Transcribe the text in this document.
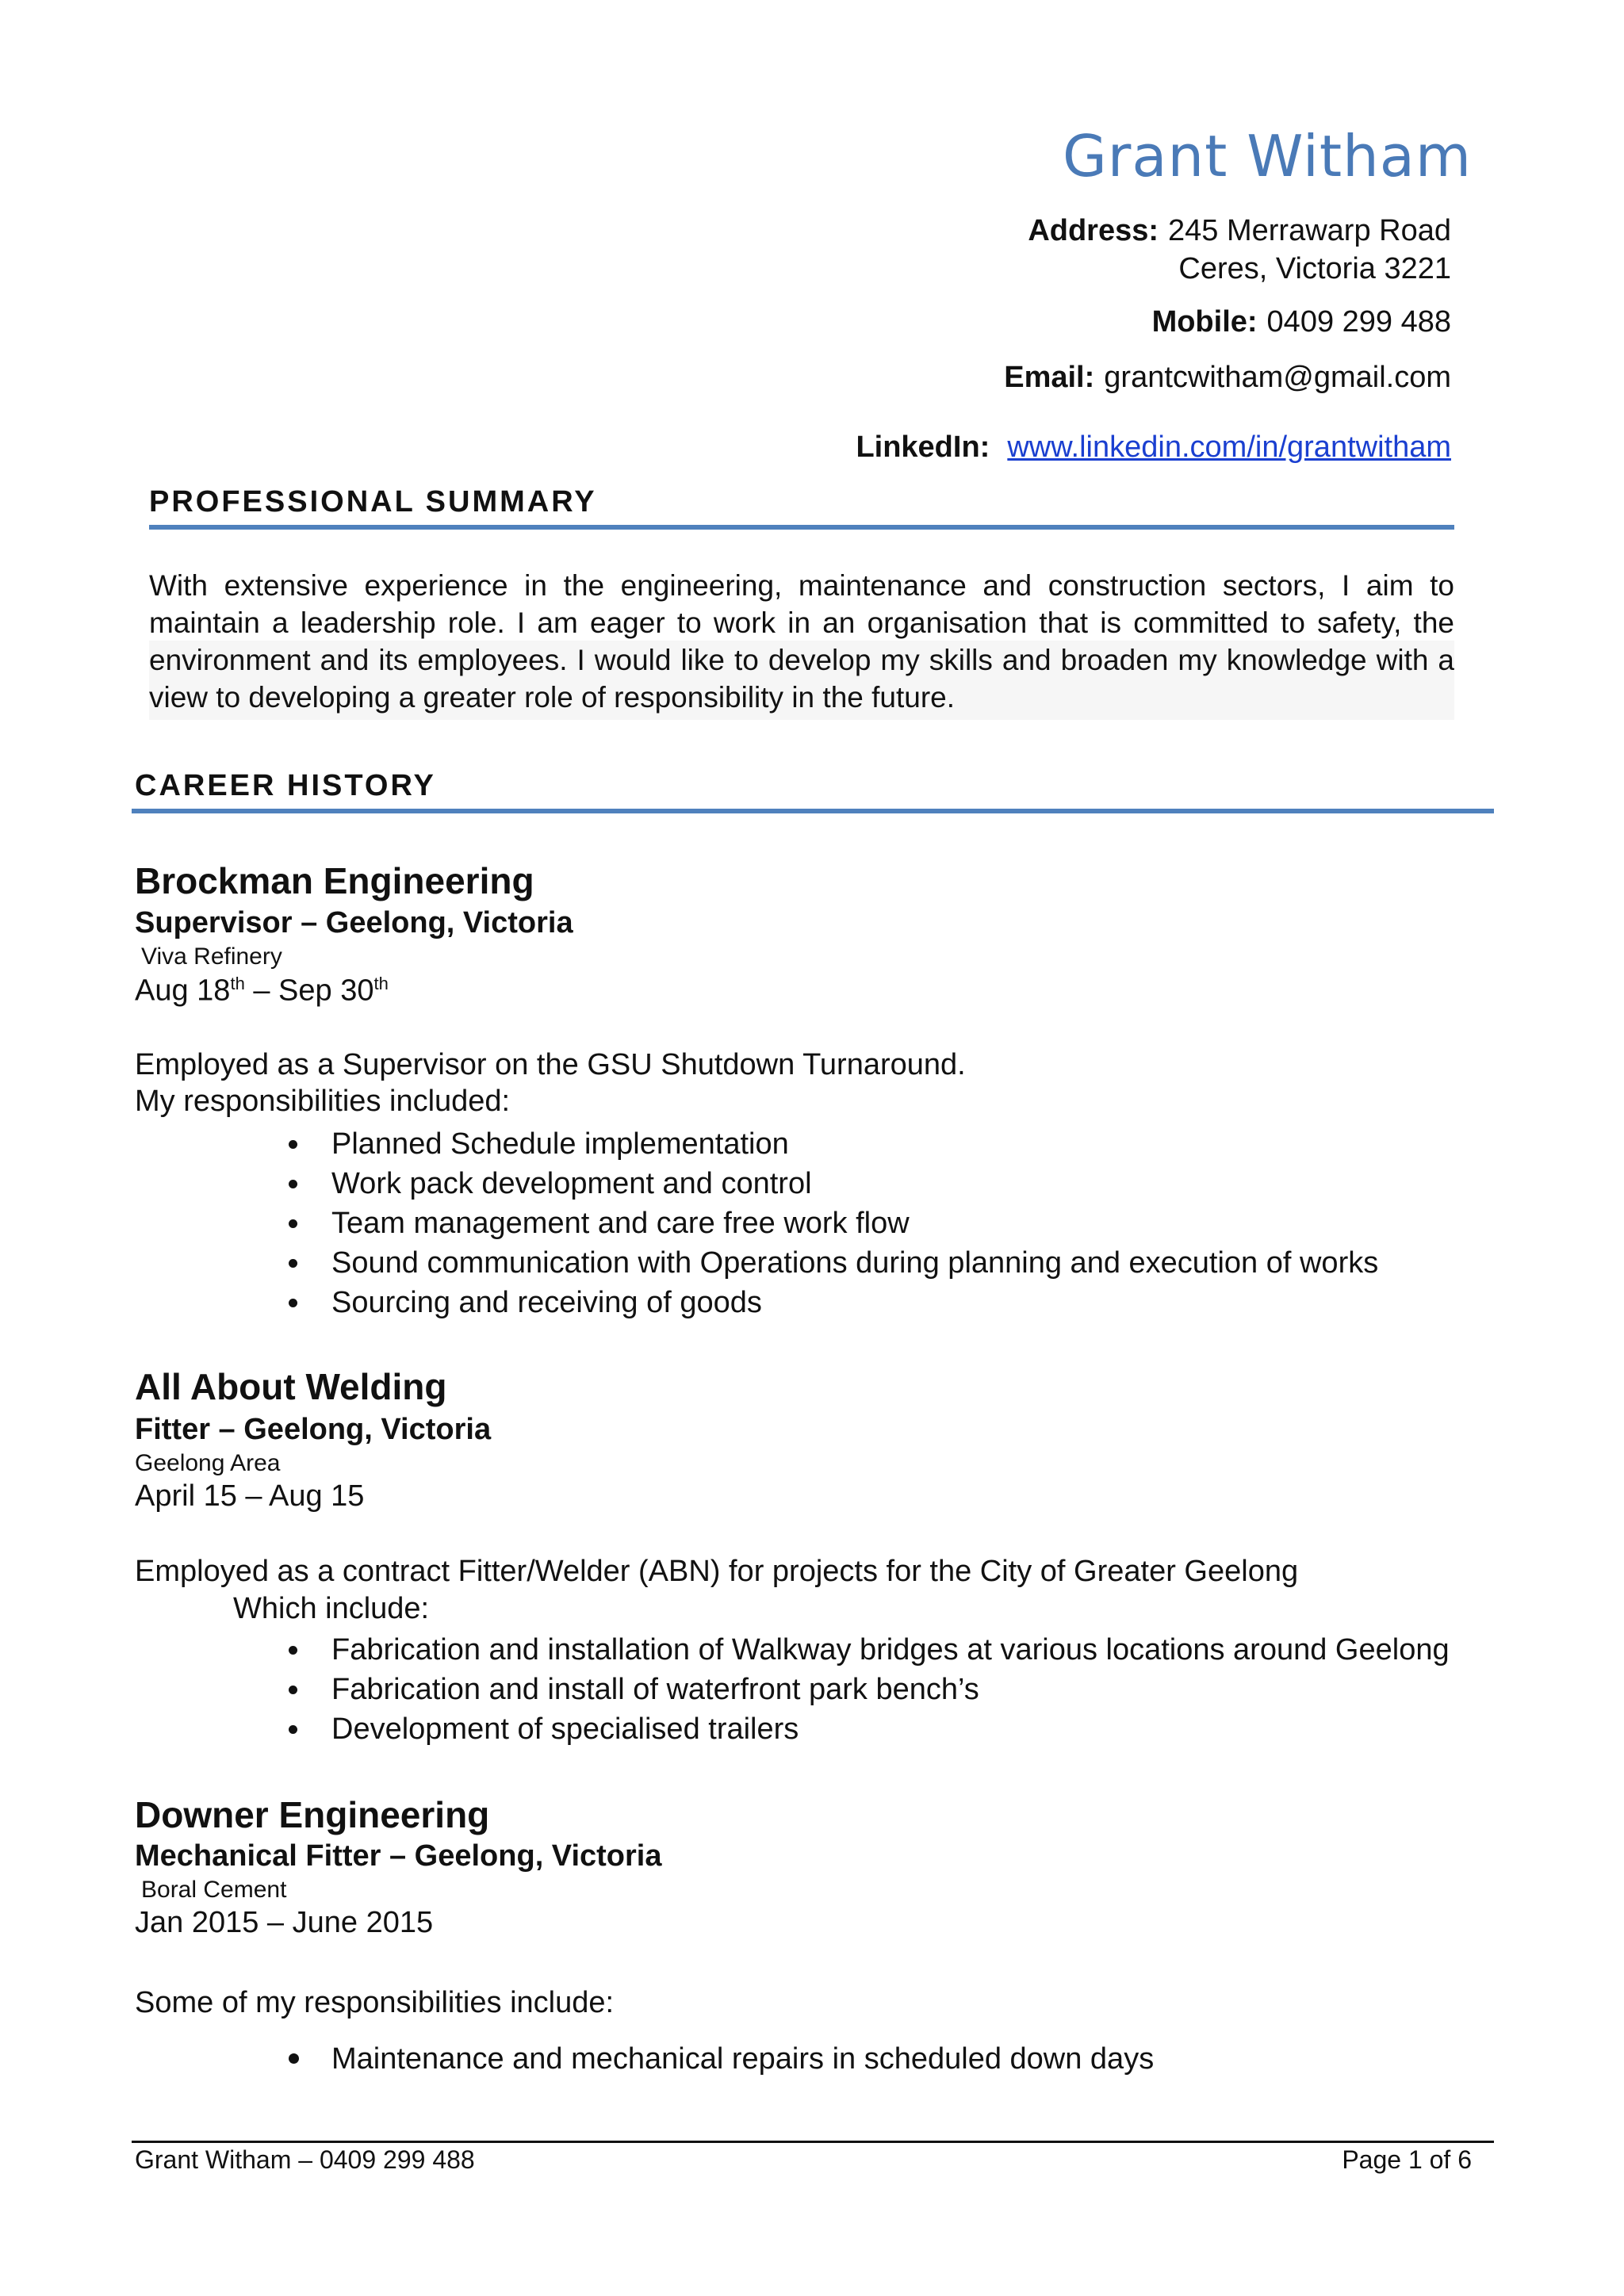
Grant Witham
Address: 245 Merrawarp Road
Ceres, Victoria 3221
Mobile: 0409 299 488
Email: grantcwitham@gmail.com
LinkedIn: www.linkedin.com/in/grantwitham
PROFESSIONAL SUMMARY

With extensive experience in the engineering, maintenance and construction sectors, I aim to maintain a leadership role. I am eager to work in an organisation that is committed to safety, the environment and its employees. I would like to develop my skills and broaden my knowledge with a view to developing a greater role of responsibility in the future.

CAREER HISTORY
Brockman Engineering
Supervisor – Geelong, Victoria
Viva Refinery
Aug 18th – Sep 30th
Employed as a Supervisor on the GSU Shutdown Turnaround.
My responsibilities included:
Planned Schedule implementation
Work pack development and control
Team management and care free work flow
Sound communication with Operations during planning and execution of works
Sourcing and receiving of goods
All About Welding
Fitter – Geelong, Victoria
Geelong Area
April 15 – Aug 15
Employed as a contract Fitter/Welder (ABN) for projects for the City of Greater Geelong
Which include:
Fabrication and installation of Walkway bridges at various locations around Geelong
Fabrication and install of waterfront park bench’s
Development of specialised trailers
Downer Engineering
Mechanical Fitter – Geelong, Victoria
Boral Cement
Jan 2015 – June 2015
Some of my responsibilities include:
Maintenance and mechanical repairs in scheduled down days
Grant Witham – 0409 299 488	Page 1 of 6
